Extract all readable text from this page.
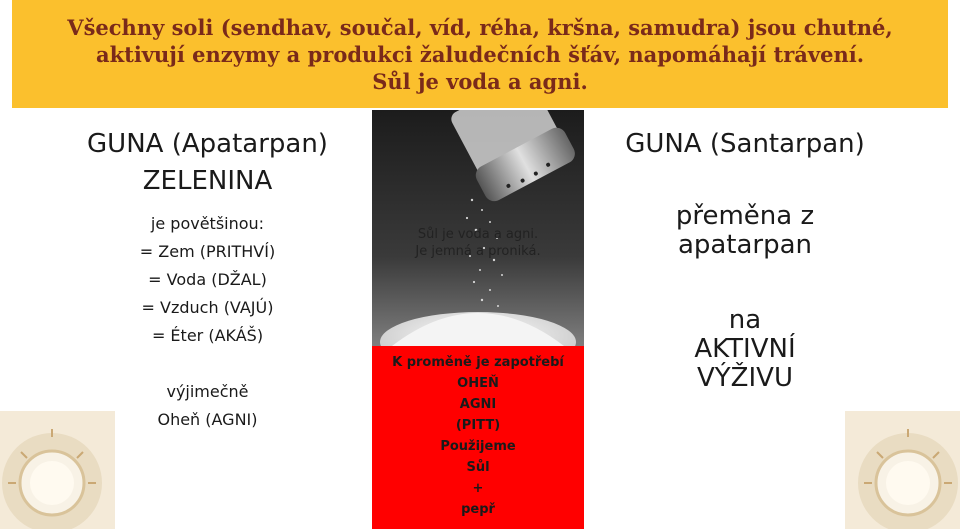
Všechny soli (sendhav, součal, víd, réha, kršna, samudra) jsou chutné,
aktivují enzymy a produkci žaludečních šťáv, napomáhají trávení.
Sůl je voda a agni.
GUNA (Apatarpan)
ZELENINA
je povětšinou:
= Zem (PRITHVÍ)
= Voda (DŽAL)
= Vzduch (VAJÚ)
= Éter (AKÁŠ)
výjimečně
Oheň (AGNI)
Sůl je voda a agni.
Je jemná a proniká.
K proměně je zapotřebí
OHEŇ
AGNI
(PITT)
Použijeme
Sůl
+
pepř
GUNA (Santarpan)
přeměna z
apatarpan
na
AKTIVNÍ
VÝŽIVU
